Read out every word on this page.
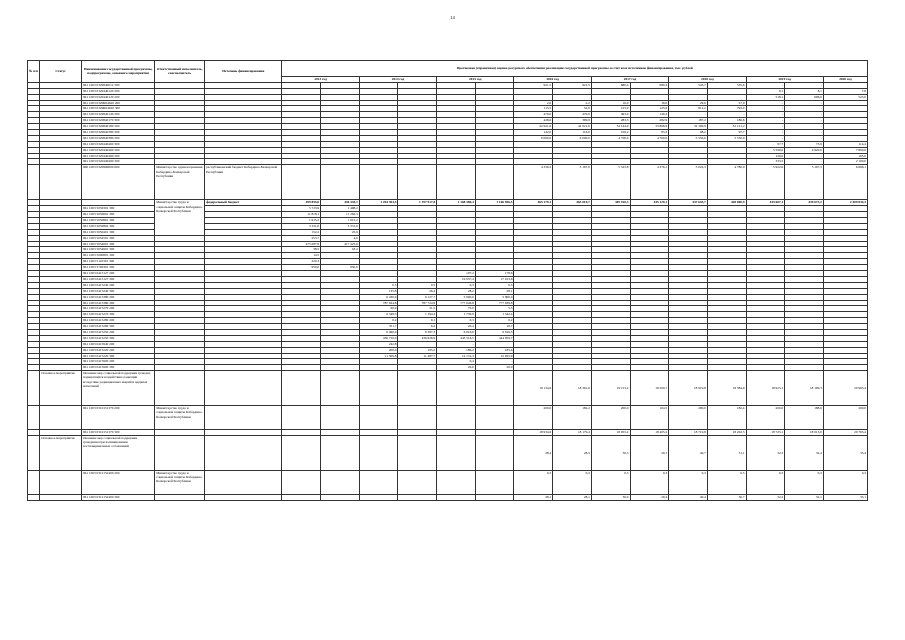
14
№ п/п	Статус	Наименование государственной программы, подпрограммы, основного мероприятия	Ответственный исполнитель, соисполнитель	Источник финансирования	Прогнозная (справочная) оценка ресурсного обеспечения реализации государственной программы за счет всех источников финансирования, тыс. рублей														
					2013 год		2014 год		2015 год		2016 год		2017 год		2018 год		2019 год		2020 год
		961 1003 0320840012 300									921,5	921,5	680,4	680,4	543,7	535,6	-	-	
		961 1003 0320440120 200															8,1	8,1	7,8
		961 1003 0320440120 200															518,1	696,0	523,0
		961 1003 0320R04620 200									2,6	2,2	16,0	16,0	29,6	27,9	-	-	
		961 1003 0320R04620 300									113,5	52,9	125,9	125,9	812,2	793,0	-	-	
		961 1003 0320840140 300									470,0	470,0	493,0	149,4	-	-	-	-	
		961 1003 0320840170 300									428,6	309,9	283,3	282,9	187,2	186,6	-	-	
		961 1003 0320840180 300									42 921,6	42 921,6	34 144,0	33 866,9	32 300,9	32 121,2	-	-	
		961 1003 0320840380 300									142,0	116,0	106,2	83,2	98,2	97,7	-	-	
		961 1003 0320840380 300									6 000,0	6 000,0	4 700,0	4 700,0	5 550,0	5 550,0	-	-	
		961 1003 0320440460 300															97,7	73,9	114,4
		961 1003 0320440460 300															5 590,0	4 920,0	7 800,0
		961 1003 0320440490 200															120,0	-	195,0
		961 1003 0320440490 300															333,5	-	2 100,0
		960 1003 0320990000 600	Министерство здравоохранения Кабардино-Балкарской Республики	республиканский бюджет Кабардино-Балкарской Республики							4 330,2	3 167,0	5 323,8	4 376,1	5 022,3	4 780,0	5 922,6	5 107,3	6 666,1
			Министерство труда и социальной защиты Кабардино-Балкарской Республики	федеральный бюджет	499 855,0	436 343,1	1 204 394,5	1 197 917,8	1 168 380,4	1 166 956,5	465 179,1	463 010,7	449 910,3	445 129,1	437 643,7	428 000,9	443 607,1	439 673,2	2 409 834,3
		961 1003 5050391 300			5 723,9	1 498,2													
		961 1003 5050691 300			11 818,1	11 262,3													
		961 1003 5050801 300			1 915,2	1 915,2													
		961 1003 5050802 300			3 331,6	3 331,6													
		961 1003 5050401 300			152,2	25,6													
		961 1003 5054591 300			253,7	4,6													
		961 1003 5054691 300			475 687,9	417 425,6													
		961 1003 5054901 300			38,5	18,2													
		961 1003 5090801 300			14,5	-													
		961 1003 5110391 300			220,3														
		961 1003 5700391 300			950,0	950,0													
		961 1003 0415127 200					-		197,2	178,6									
		961 1003 0415127 300					-		19 937,4	17 913,6									
		961 1003 0415240 200					0,5	0,5	0,3	0,3									
		961 1003 0415240 300					135,8	26,4	28,2	28,1									
		961 1003 0415380 200					6 430,0	6 127,7	5 900,0	5 900,0									
		961 1003 0415380 300					787 024,8	787 724,9	777 646,8	777 639,8									
		961 1003 0415270 200					60,0	21,5	70,0	5,3									
		961 1003 0415270 300					6 349,3	1 194,4	1 739,9	1 542,4									
		961 1003 0415280 200					0,2	0,1	0,3	0,2									
		961 1003 0415280 300					351,7	6,4	20,4	18,7									
		961 1003 0415250 200					6 490,0	6 397,3	6 916,6	6 916,5									
		961 1003 0415250 300					436 710,0	436 626,9	443 516,5	444 959,7									
		961 1003 0415940 200					242,8		-										
		961 1003 0415220 200					200,0	195,2	186,2	185,6									
		961 1003 0415220 300					11 509,8	11 487,7	12 131,3	12 055,9									
		961 1003 0415900 200							0,4	-									
		961 1003 0415900 300							20,0	20,0									
	Основное мероприятие	Оказание мер социальной поддержки граждан, подвергшихся воздействию радиации вследствие радиационных аварий и ядерных испытаний									19 134,6	18 361,6	19 153,2	18 509,7	18 919,8	18 384,9	18 925,1	18 199,3	20 963,4
		961 1003 0310151370 200	Министерство труда и социальной защиты Кабардино-Балкарской Республики								200,0	182,2	200,0	104,5	200,0	182,4	200,0	188,6	200,0
		961 1003 0310151370 300									18 934,6	18 179,4	18 953,2	18 405,2	18 719,8	18 202,5	18 725,1	18 013,0	20 763,4
	Основное мероприятие	Оказание мер социальной поддержки гражданам при возникновении поствакцинальных осложнений									28,4	28,3	30,3	29,7	40,7	31,1	32,5	32,4	33,4
		961 1003 0312152400 200	Министерство труда и социальной защиты Кабардино-Балкарской Республики								0,3	0,3	0,3	0,3	0,3	0,3	0,3	0,3	0,3
		961 1003 0312152400 300									28,1	28,1	30,0	29,4	40,4	30,7	32,2	32,1	33,1
